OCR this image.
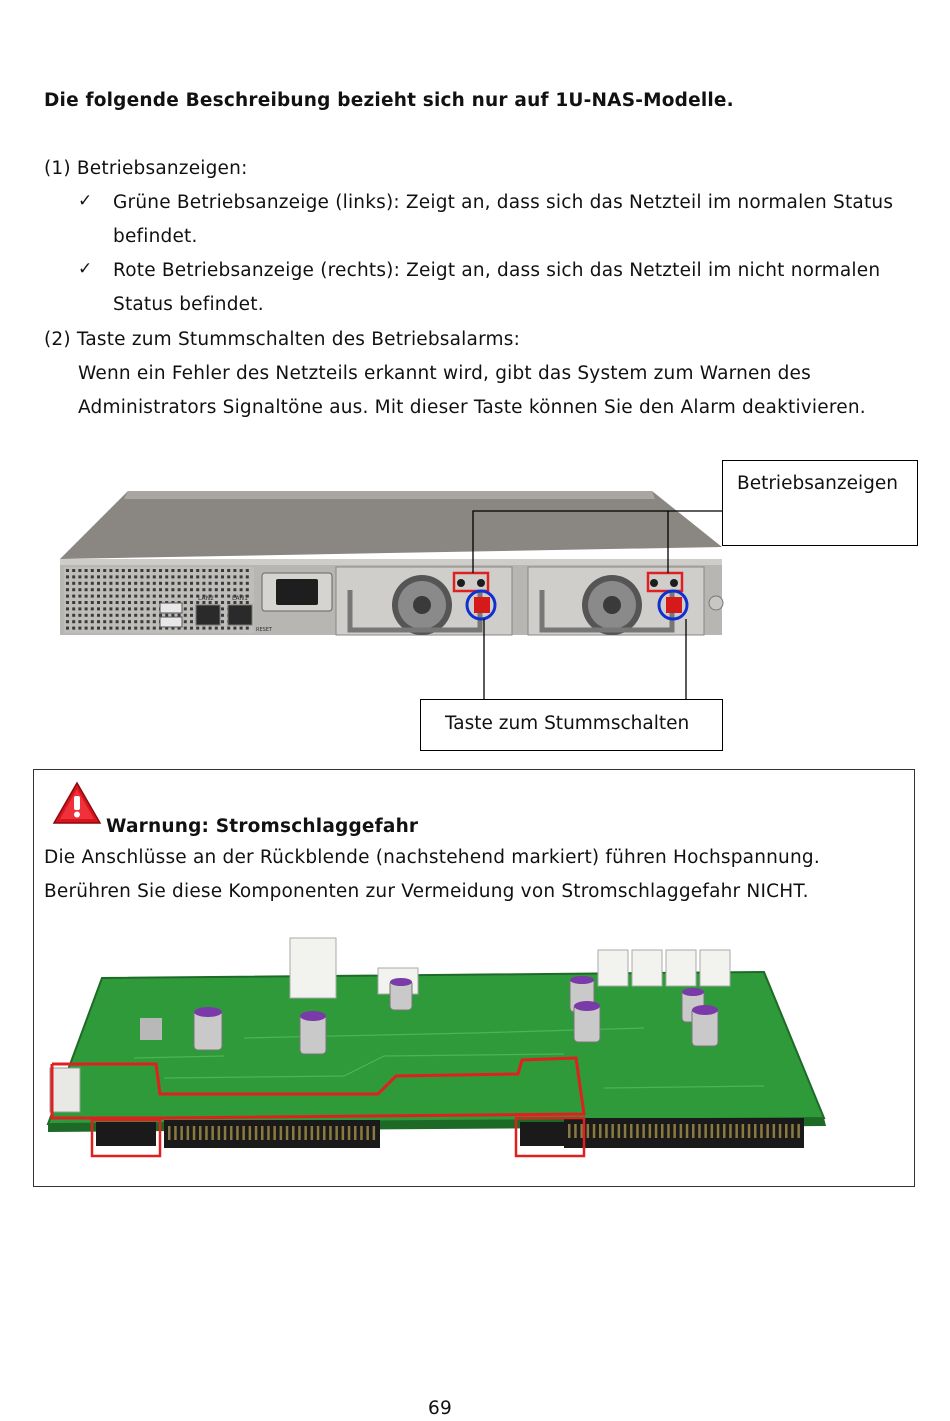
Die folgende Beschreibung bezieht sich nur auf 1U-NAS-Modelle.
(1) Betriebsanzeigen:
✓ Grüne Betriebsanzeige (links): Zeigt an, dass sich das Netzteil im normalen Status
befindet.
✓ Rote Betriebsanzeige (rechts): Zeigt an, dass sich das Netzteil im nicht normalen
Status befindet.
(2) Taste zum Stummschalten des Betriebsalarms:
Wenn ein Fehler des Netzteils erkannt wird, gibt das System zum Warnen des
Administrators Signaltöne aus. Mit dieser Taste können Sie den Alarm deaktivieren.
LAN2	LAN1
RESET
Betriebsanzeigen
Taste zum Stummschalten
Warnung: Stromschlaggefahr
Die Anschlüsse an der Rückblende (nachstehend markiert) führen Hochspannung.
Berühren Sie diese Komponenten zur Vermeidung von Stromschlaggefahr NICHT.
69
